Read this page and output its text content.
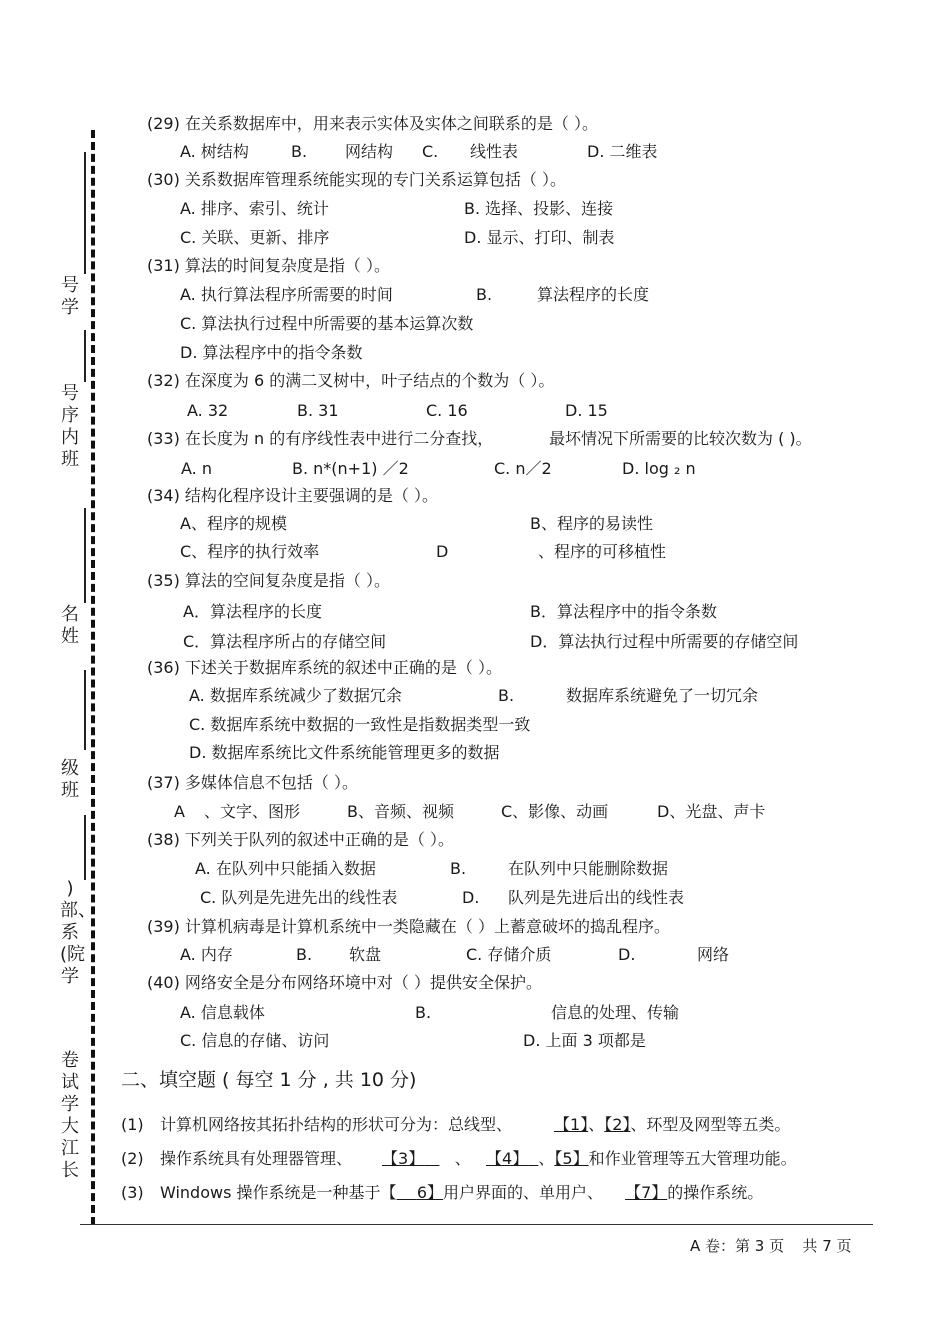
号学
号序内班
名姓
级班
)部、系(院学
卷试学大江长
(29) 在关系数据库中，用来表示实体及实体之间联系的是（ ）。
A. 树结构	B. 网结构 C. 线性表	D. 二维表
(30) 关系数据库管理系统能实现的专门关系运算包括（ ）。
A. 排序、索引、统计	B. 选择、投影、连接
C. 关联、更新、排序	D. 显示、打印、制表
(31) 算法的时间复杂度是指（ ）。
A. 执行算法程序所需要的时间	B.	算法程序的长度
C. 算法执行过程中所需要的基本运算次数
D. 算法程序中的指令条数
(32) 在深度为 6 的满二叉树中，叶子结点的个数为（ ）。
A. 32	B. 31	C. 16	D. 15
(33) 在长度为 n 的有序线性表中进行二分查找，	最坏情况下所需要的比较次数为 ( )。
A. n	B. n*(n+1) ／2	C. n／2	D. log ₂ n
(34) 结构化程序设计主要强调的是（ ）。
A、程序的规模	B、程序的易读性
C、程序的执行效率	D	、程序的可移植性
(35) 算法的空间复杂度是指（ ）。
A．算法程序的长度	B．算法程序中的指令条数
C．算法程序所占的存储空间	D．算法执行过程中所需要的存储空间
(36) 下述关于数据库系统的叙述中正确的是（ ）。
A. 数据库系统减少了数据冗余	B.	数据库系统避免了一切冗余
C. 数据库系统中数据的一致性是指数据类型一致
D. 数据库系统比文件系统能管理更多的数据
(37) 多媒体信息不包括（ ）。
A 、文字、图形	B、音频、视频	C、影像、动画	D、光盘、声卡
(38) 下列关于队列的叙述中正确的是（ ）。
A. 在队列中只能插入数据	B.	在队列中只能删除数据
C. 队列是先进先出的线性表	D. 队列是先进后出的线性表
(39) 计算机病毒是计算机系统中一类隐藏在（ ）上蓄意破坏的捣乱程序。
A. 内存	B. 软盘	C. 存储介质	D.	网络
(40) 网络安全是分布网络环境中对（ ）提供安全保护。
A. 信息载体	B.	信息的处理、传输
C. 信息的存储、访问	D. 上面 3 项都是
二、填空题 ( 每空 1 分 , 共 10 分)
(1) 计算机网络按其拓扑结构的形状可分为：总线型、	【1】、【2】、环型及网型等五类。
(2) 操作系统具有处理器管理、 【3】 、 【4】 、【5】和作业管理等五大管理功能。
(3) Windows 操作系统是一种基于【 6】用户界面的、单用户、 【7】的操作系统。
A 卷：第 3 页 共 7 页
